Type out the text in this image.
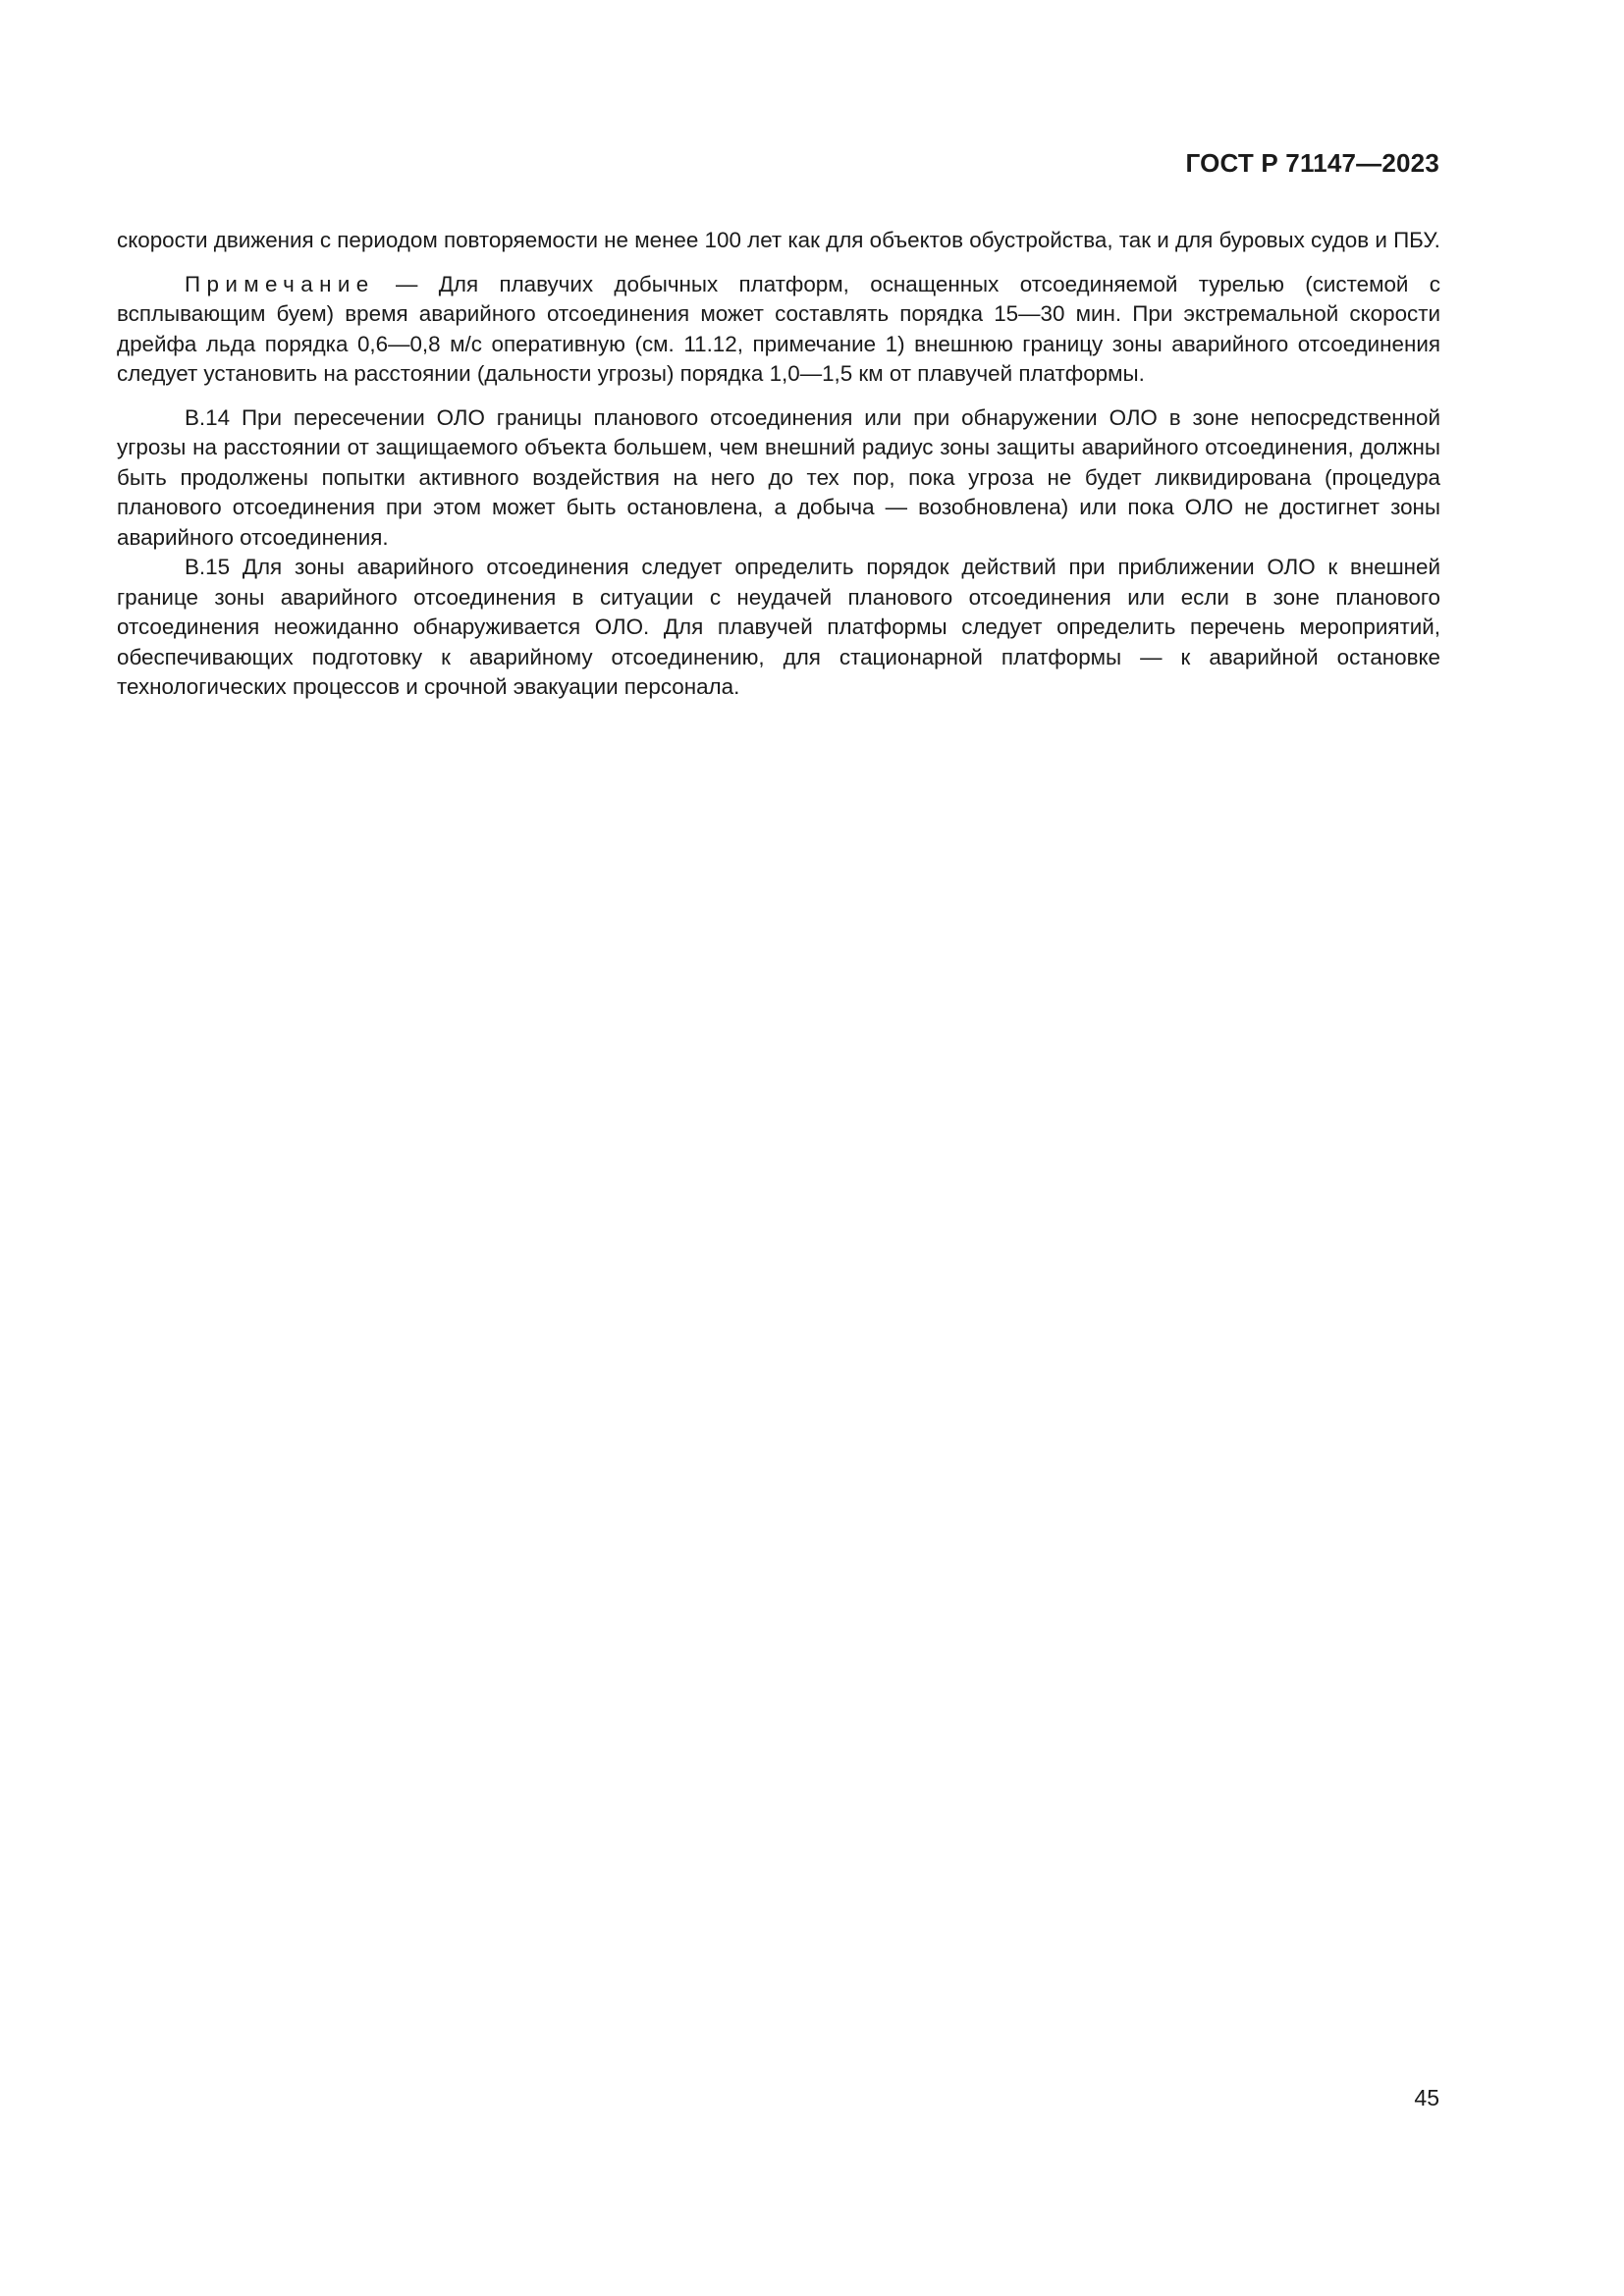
ГОСТ Р 71147—2023

скорости движения с периодом повторяемости не менее 100 лет как для объектов обустройства, так и для буровых судов и ПБУ.

Примечание — Для плавучих добычных платформ, оснащенных отсоединяемой турелью (системой с всплывающим буем) время аварийного отсоединения может составлять порядка 15—30 мин. При экстремальной скорости дрейфа льда порядка 0,6—0,8 м/с оперативную (см. 11.12, примечание 1) внешнюю границу зоны аварийного отсоединения следует установить на расстоянии (дальности угрозы) порядка 1,0—1,5 км от плавучей платформы.

В.14 При пересечении ОЛО границы планового отсоединения или при обнаружении ОЛО в зоне непосредственной угрозы на расстоянии от защищаемого объекта большем, чем внешний радиус зоны защиты аварийного отсоединения, должны быть продолжены попытки активного воздействия на него до тех пор, пока угроза не будет ликвидирована (процедура планового отсоединения при этом может быть остановлена, а добыча — возобновлена) или пока ОЛО не достигнет зоны аварийного отсоединения.

В.15 Для зоны аварийного отсоединения следует определить порядок действий при приближении ОЛО к внешней границе зоны аварийного отсоединения в ситуации с неудачей планового отсоединения или если в зоне планового отсоединения неожиданно обнаруживается ОЛО. Для плавучей платформы следует определить перечень мероприятий, обеспечивающих подготовку к аварийному отсоединению, для стационарной платформы — к аварийной остановке технологических процессов и срочной эвакуации персонала.

45
